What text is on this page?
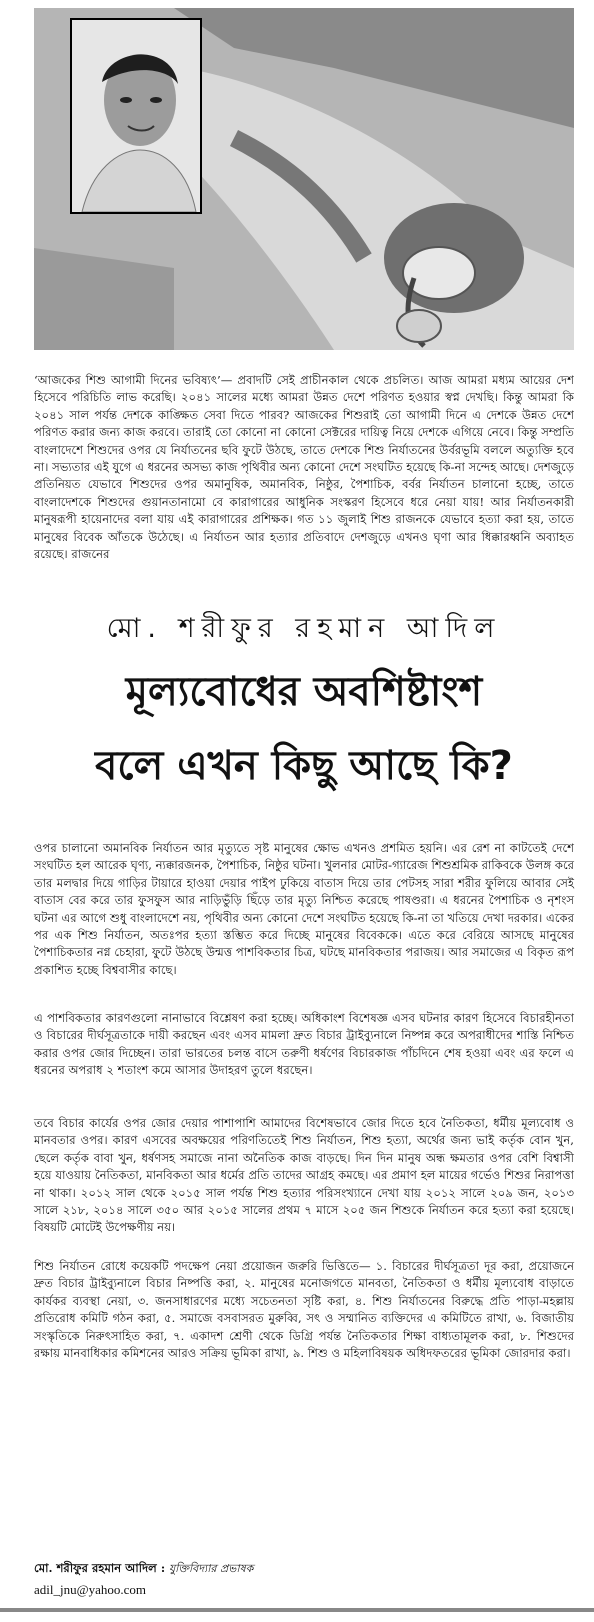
‘আজকের শিশু আগামী দিনের ভবিষ্যৎ’— প্রবাদটি সেই প্রাচীনকাল থেকে প্রচলিত। আজ আমরা মধ্যম আয়ের দেশ হিসেবে পরিচিতি লাভ করেছি। ২০৪১ সালের মধ্যে আমরা উন্নত দেশে পরিণত হওয়ার স্বপ্ন দেখছি। কিন্তু আমরা কি ২০৪১ সাল পর্যন্ত দেশকে কাঙ্ক্ষিত সেবা দিতে পারব? আজকের শিশুরাই তো আগামী দিনে এ দেশকে উন্নত দেশে পরিণত করার জন্য কাজ করবে। তারাই তো কোনো না কোনো সেক্টরের দায়িত্ব নিয়ে দেশকে এগিয়ে নেবে। কিন্তু সম্প্রতি বাংলাদেশে শিশুদের ওপর যে নির্যাতনের ছবি ফুটে উঠছে, তাতে দেশকে শিশু নির্যাতনের উর্বরভূমি বললে অত্যুক্তি হবে না। সভ্যতার এই যুগে এ ধরনের অসভ্য কাজ পৃথিবীর অন্য কোনো দেশে সংঘটিত হয়েছে কি-না সন্দেহ আছে। দেশজুড়ে প্রতিনিয়ত যেভাবে শিশুদের ওপর অমানুষিক, অমানবিক, নিষ্ঠুর, পৈশাচিক, বর্বর নির্যাতন চালানো হচ্ছে, তাতে বাংলাদেশকে শিশুদের গুয়ানতানামো বে কারাগারের আধুনিক সংস্করণ হিসেবে ধরে নেয়া যায়! আর নির্যাতনকারী মানুষরূপী হায়েনাদের বলা যায় এই কারাগারের প্রশিক্ষক। গত ১১ জুলাই শিশু রাজনকে যেভাবে হত্যা করা হয়, তাতে মানুষের বিবেক আঁতকে উঠেছে। এ নির্যাতন আর হত্যার প্রতিবাদে দেশজুড়ে এখনও ঘৃণা আর ধিক্কারধ্বনি অব্যাহত রয়েছে। রাজনের

মো. শরীফুর রহমান আদিল

মূল্যবোধের অবশিষ্টাংশ

বলে এখন কিছু আছে কি?

ওপর চালানো অমানবিক নির্যাতন আর মৃত্যুতে সৃষ্ট মানুষের ক্ষোভ এখনও প্রশমিত হয়নি। এর রেশ না কাটতেই দেশে সংঘটিত হল আরেক ঘৃণ্য, ন্যক্কারজনক, পৈশাচিক, নিষ্ঠুর ঘটনা। খুলনার মোটর-গ্যারেজ শিশুশ্রমিক রাকিবকে উলঙ্গ করে তার মলদ্বার দিয়ে গাড়ির টায়ারে হাওয়া দেয়ার পাইপ ঢুকিয়ে বাতাস দিয়ে তার পেটসহ সারা শরীর ফুলিয়ে আবার সেই বাতাস বের করে তার ফুসফুস আর নাড়িভুঁড়ি ছিঁড়ে তার মৃত্যু নিশ্চিত করেছে পাষণ্ডরা। এ ধরনের পৈশাচিক ও নৃশংস ঘটনা এর আগে শুধু বাংলাদেশে নয়, পৃথিবীর অন্য কোনো দেশে সংঘটিত হয়েছে কি-না তা খতিয়ে দেখা দরকার। একের পর এক শিশু নির্যাতন, অতঃপর হত্যা স্তম্ভিত করে দিচ্ছে মানুষের বিবেককে। এতে করে বেরিয়ে আসছে মানুষের পৈশাচিকতার নগ্ন চেহারা, ফুটে উঠছে উন্মত্ত পাশবিকতার চিত্র, ঘটছে মানবিকতার পরাজয়। আর সমাজের এ বিকৃত রূপ প্রকাশিত হচ্ছে বিশ্ববাসীর কাছে।

এ পাশবিকতার কারণগুলো নানাভাবে বিশ্লেষণ করা হচ্ছে। অধিকাংশ বিশেষজ্ঞ এসব ঘটনার কারণ হিসেবে বিচারহীনতা ও বিচারের দীর্ঘসূত্রতাকে দায়ী করছেন এবং এসব মামলা দ্রুত বিচার ট্রাইব্যুনালে নিষ্পন্ন করে অপরাধীদের শাস্তি নিশ্চিত করার ওপর জোর দিচ্ছেন। তারা ভারতের চলন্ত বাসে তরুণী ধর্ষণের বিচারকাজ পাঁচদিনে শেষ হওয়া এবং এর ফলে এ ধরনের অপরাধ ২ শতাংশ কমে আসার উদাহরণ তুলে ধরছেন।

তবে বিচার কার্যের ওপর জোর দেয়ার পাশাপাশি আমাদের বিশেষভাবে জোর দিতে হবে নৈতিকতা, ধর্মীয় মূল্যবোধ ও মানবতার ওপর। কারণ এসবের অবক্ষয়ের পরিণতিতেই শিশু নির্যাতন, শিশু হত্যা, অর্থের জন্য ভাই কর্তৃক বোন খুন, ছেলে কর্তৃক বাবা খুন, ধর্ষণসহ সমাজে নানা অনৈতিক কাজ বাড়ছে। দিন দিন মানুষ অন্ধ ক্ষমতার ওপর বেশি বিশ্বাসী হয়ে যাওয়ায় নৈতিকতা, মানবিকতা আর ধর্মের প্রতি তাদের আগ্রহ কমছে। এর প্রমাণ হল মায়ের গর্ভেও শিশুর নিরাপত্তা না থাকা। ২০১২ সাল থেকে ২০১৫ সাল পর্যন্ত শিশু হত্যার পরিসংখ্যানে দেখা যায় ২০১২ সালে ২০৯ জন, ২০১৩ সালে ২১৮, ২০১৪ সালে ৩৫০ আর ২০১৫ সালের প্রথম ৭ মাসে ২০৫ জন শিশুকে নির্যাতন করে হত্যা করা হয়েছে। বিষয়টি মোটেই উপেক্ষণীয় নয়।

শিশু নির্যাতন রোধে কয়েকটি পদক্ষেপ নেয়া প্রয়োজন জরুরি ভিত্তিতে— ১. বিচারের দীর্ঘসূত্রতা দূর করা, প্রয়োজনে দ্রুত বিচার ট্রাইব্যুনালে বিচার নিষ্পত্তি করা, ২. মানুষের মনোজগতে মানবতা, নৈতিকতা ও ধর্মীয় মূল্যবোধ বাড়াতে কার্যকর ব্যবস্থা নেয়া, ৩. জনসাধারণের মধ্যে সচেতনতা সৃষ্টি করা, ৪. শিশু নির্যাতনের বিরুদ্ধে প্রতি পাড়া-মহল্লায় প্রতিরোধ কমিটি গঠন করা, ৫. সমাজে বসবাসরত মুরুব্বি, সৎ ও সম্মানিত ব্যক্তিদের এ কমিটিতে রাখা, ৬. বিজাতীয় সংস্কৃতিকে নিরুৎসাহিত করা, ৭. একাদশ শ্রেণী থেকে ডিগ্রি পর্যন্ত নৈতিকতার শিক্ষা বাধ্যতামূলক করা, ৮. শিশুদের রক্ষায় মানবাধিকার কমিশনের আরও সক্রিয় ভূমিকা রাখা, ৯. শিশু ও মহিলাবিষয়ক অধিদফতরের ভূমিকা জোরদার করা।

মো. শরীফুর রহমান আদিল : যুক্তিবিদ্যার প্রভাষক

adil_jnu@yahoo.com
